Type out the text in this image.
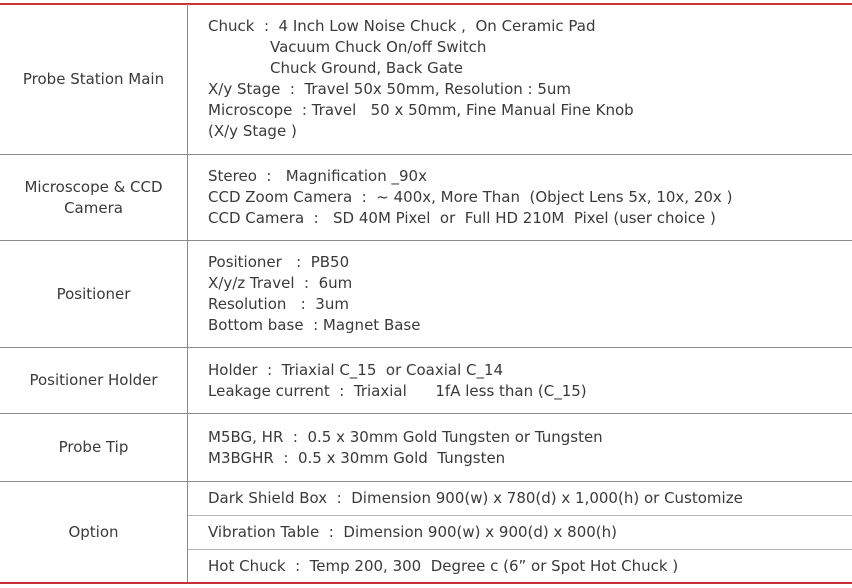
Probe Station Main
Chuck  :  4 Inch Low Noise Chuck ,  On Ceramic Pad
Vacuum Chuck On/off Switch
Chuck Ground, Back Gate
X/y Stage  :  Travel 50x 50mm, Resolution : 5um
Microscope  : Travel   50 x 50mm, Fine Manual Fine Knob
(X/y Stage )
Microscope & CCD
Camera
Stereo  :   Magnification _90x
CCD Zoom Camera  :  ~ 400x, More Than  (Object Lens 5x, 10x, 20x )
CCD Camera  :   SD 40M Pixel  or  Full HD 210M  Pixel (user choice )
Positioner
Positioner   :  PB50
X/y/z Travel  :  6um
Resolution   :  3um
Bottom base  : Magnet Base
Positioner Holder
Holder  :  Triaxial C_15  or Coaxial C_14
Leakage current  :  Triaxial      1fA less than (C_15)
Probe Tip
M5BG, HR  :  0.5 x 30mm Gold Tungsten or Tungsten
M3BGHR  :  0.5 x 30mm Gold  Tungsten
Option
Dark Shield Box  :  Dimension 900(w) x 780(d) x 1,000(h) or Customize
Vibration Table  :  Dimension 900(w) x 900(d) x 800(h)
Hot Chuck  :  Temp 200, 300  Degree c (6” or Spot Hot Chuck )
